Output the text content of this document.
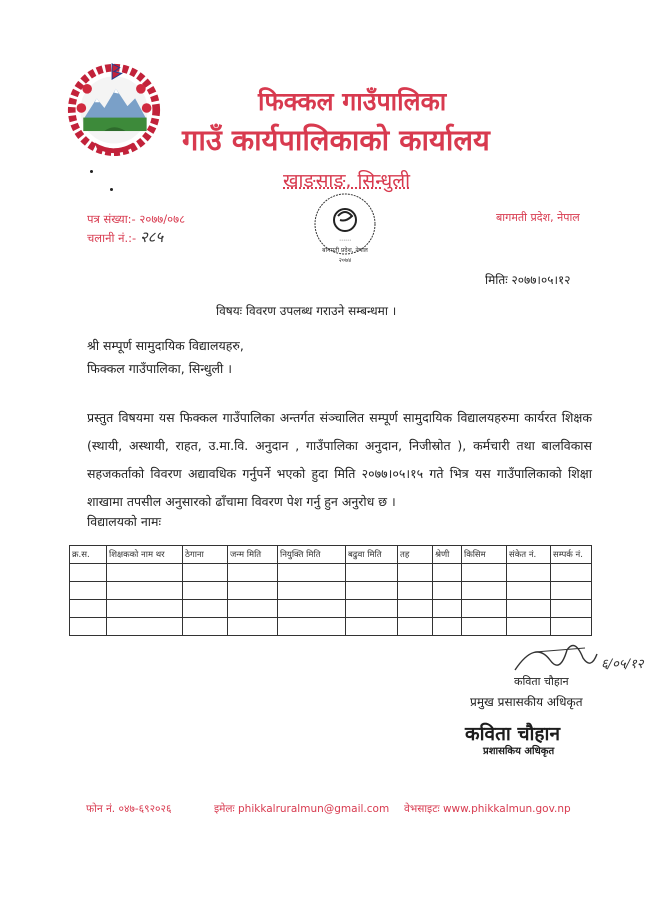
फिक्कल गाउँपालिका
गाउँ कार्यपालिकाको कार्यालय
खाङसाङ, सिन्धुली
पत्र संख्या:- २०७७/०७८
चलानी नं.:- २८५	⋯⋯
बागमती प्रदेश, नेपाल
२०७४
बागमती प्रदेश, नेपाल
मितिः २०७७।०५।१२
विषयः विवरण उपलब्ध गराउने सम्बन्धमा ।
श्री सम्पूर्ण सामुदायिक विद्यालयहरु,
फिक्कल गाउँपालिका, सिन्धुली ।
प्रस्तुत विषयमा यस फिक्कल गाउँपालिका अन्तर्गत संञ्चालित सम्पूर्ण सामुदायिक विद्यालयहरुमा कार्यरत शिक्षक (स्थायी, अस्थायी, राहत, उ.मा.वि. अनुदान , गाउँपालिका अनुदान, निजीस्रोत ), कर्मचारी तथा बालविकास सहजकर्ताको विवरण अद्यावधिक गर्नुपर्ने भएको हुदा मिति २०७७।०५।१५ गते भित्र यस गाउँपालिकाको शिक्षा शाखामा तपसील अनुसारको ढाँचामा विवरण पेश गर्नु हुन अनुरोध छ ।
विद्यालयको नामः
क्र.स.	शिक्षकको नाम थर	ठेगाना	जन्म मिति	नियुक्ति मिति	बढुवा मिति	तह	श्रेणी	किसिम	संकेत नं.	सम्पर्क नं.

६/०५/१२
कविता चौहान
प्रमुख प्रसासकीय अधिकृत
कविता चौहान
प्रशासकिय अधिकृत
फोन नं. ०४७-६९२०२६	इमेलः phikkalruralmun@gmail.com वेभसाइटः www.phikkalmun.gov.np
